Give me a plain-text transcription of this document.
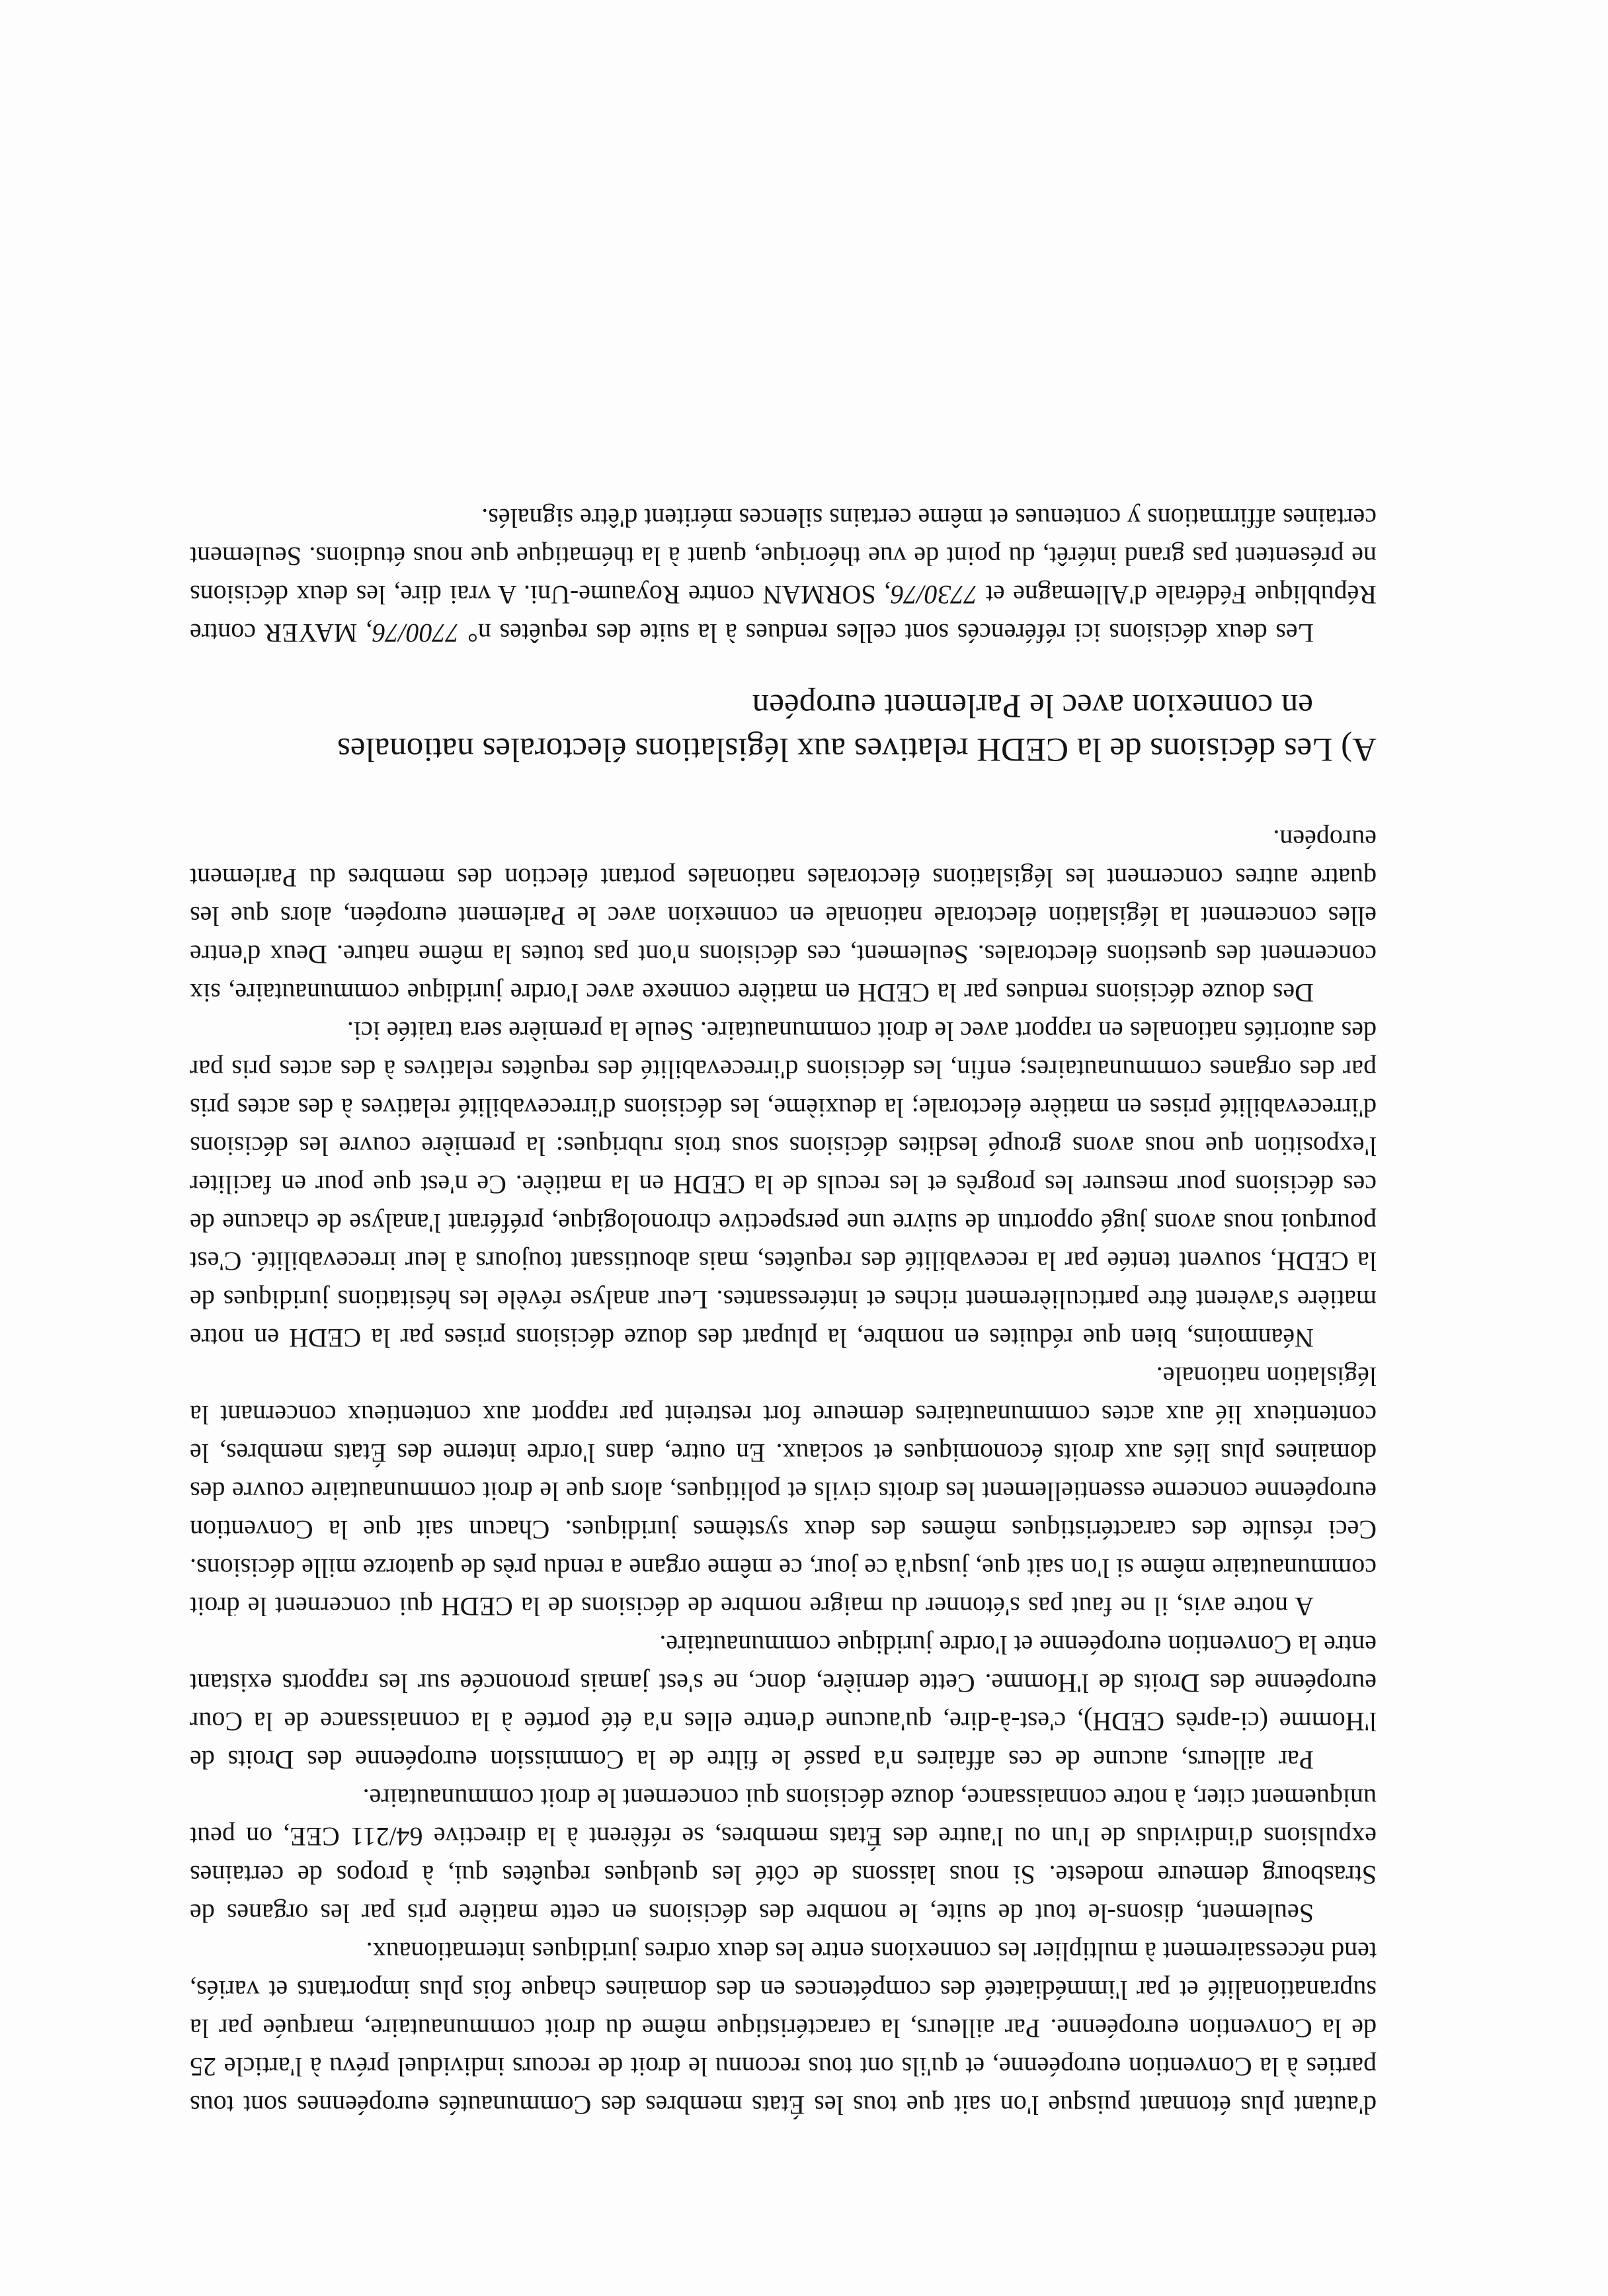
d'autant plus étonnant puisque l'on sait que tous les États membres des Communautés européennes sont tous parties à la Convention européenne, et qu'ils ont tous reconnu le droit de recours individuel prévu à l'article 25 de la Convention européenne. Par ailleurs, la caractéristique même du droit communautaire, marquée par la supranationalité et par l'immédiateté des compétences en des domaines chaque fois plus importants et variés, tend nécessairement à multiplier les connexions entre les deux ordres juridiques internationaux.

Seulement, disons-le tout de suite, le nombre des décisions en cette matière pris par les organes de Strasbourg demeure modeste. Si nous laissons de côté les quelques requêtes qui, à propos de certaines expulsions d'individus de l'un ou l'autre des États membres, se réfèrent à la directive 64/211 CEE, on peut uniquement citer, à notre connaissance, douze décisions qui concernent le droit communautaire.

Par ailleurs, aucune de ces affaires n'a passé le filtre de la Commission européenne des Droits de l'Homme (ci-après CEDH), c'est-à-dire, qu'aucune d'entre elles n'a été portée à la connaissance de la Cour européenne des Droits de l'Homme. Cette dernière, donc, ne s'est jamais prononcée sur les rapports existant entre la Convention européenne et l'ordre juridique communautaire.

A notre avis, il ne faut pas s'étonner du maigre nombre de décisions de la CEDH qui concernent le droit communautaire même si l'on sait que, jusqu'à ce jour, ce même organe a rendu près de quatorze mille décisions. Ceci résulte des caractéristiques mêmes des deux systèmes juridiques. Chacun sait que la Convention européenne concerne essentiellement les droits civils et politiques, alors que le droit communautaire couvre des domaines plus liés aux droits économiques et sociaux. En outre, dans l'ordre interne des États membres, le contentieux lié aux actes communautaires demeure fort restreint par rapport aux contentieux concernant la législation nationale.

Néanmoins, bien que réduites en nombre, la plupart des douze décisions prises par la CEDH en notre matière s'avèrent être particulièrement riches et intéressantes. Leur analyse révèle les hésitations juridiques de la CEDH, souvent tentée par la recevabilité des requêtes, mais aboutissant toujours à leur irrecevabilité. C'est pourquoi nous avons jugé opportun de suivre une perspective chronologique, préférant l'analyse de chacune de ces décisions pour mesurer les progrès et les reculs de la CEDH en la matière. Ce n'est que pour en faciliter l'exposition que nous avons groupé lesdites décisions sous trois rubriques: la première couvre les décisions d'irrecevabilité prises en matière électorale; la deuxième, les décisions d'irrecevabilité relatives à des actes pris par des organes communautaires; enfin, les décisions d'irrecevabilité des requêtes relatives à des actes pris par des autorités nationales en rapport avec le droit communautaire. Seule la première sera traitée ici.

Des douze décisions rendues par la CEDH en matière connexe avec l'ordre juridique communautaire, six concernent des questions électorales. Seulement, ces décisions n'ont pas toutes la même nature. Deux d'entre elles concernent la législation électorale nationale en connexion avec le Parlement européen, alors que les quatre autres concernent les législations électorales nationales portant élection des membres du Parlement européen.

A) Les décisions de la CEDH relatives aux législations électorales nationales
en connexion avec le Parlement européen

Les deux décisions ici référencés sont celles rendues à la suite des requêtes n° 7700/76, MAYER contre République Fédérale d'Allemagne et 7730/76, SORMAN contre Royaume-Uni. A vrai dire, les deux décisions ne présentent pas grand intérêt, du point de vue théorique, quant à la thématique que nous étudions. Seulement certaines affirmations y contenues et même certains silences méritent d'être signalés.
